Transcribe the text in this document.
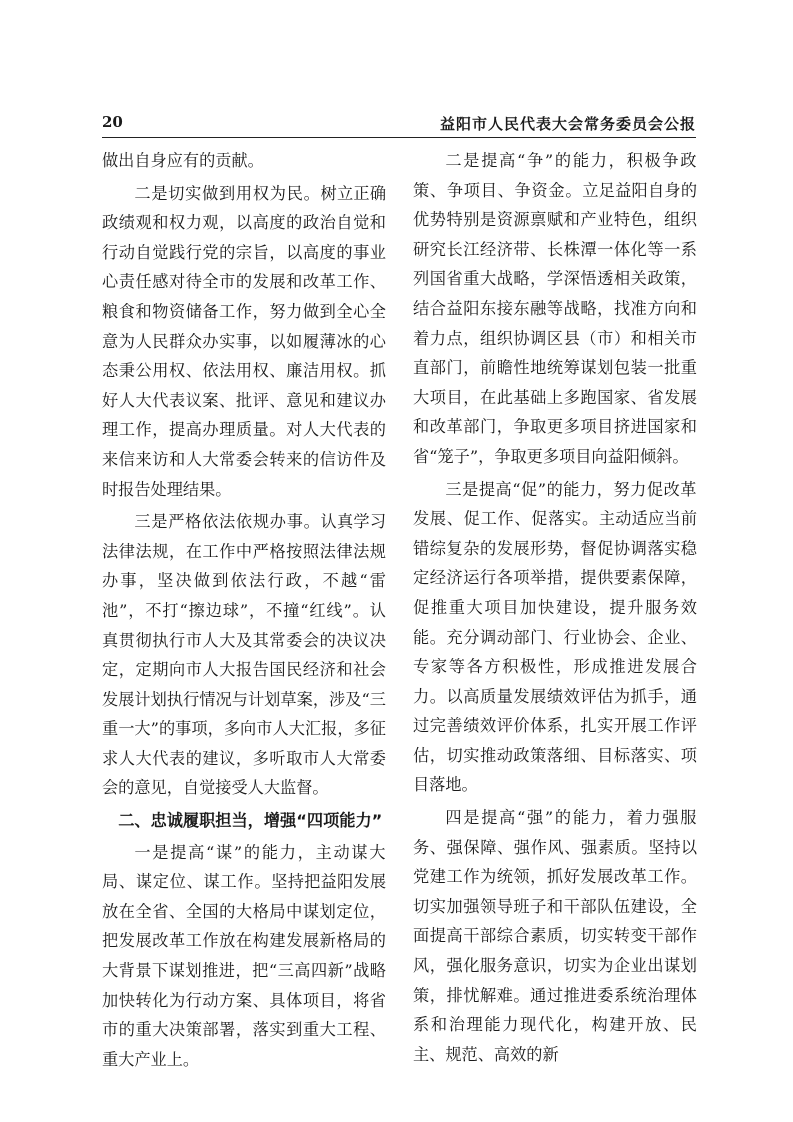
20	益阳市人民代表大会常务委员会公报

做出自身应有的贡献。

二是切实做到用权为民。树立正确政绩观和权力观，以高度的政治自觉和行动自觉践行党的宗旨，以高度的事业心责任感对待全市的发展和改革工作、粮食和物资储备工作，努力做到全心全意为人民群众办实事，以如履薄冰的心态秉公用权、依法用权、廉洁用权。抓好人大代表议案、批评、意见和建议办理工作，提高办理质量。对人大代表的来信来访和人大常委会转来的信访件及时报告处理结果。

三是严格依法依规办事。认真学习法律法规，在工作中严格按照法律法规办事，坚决做到依法行政，不越“雷池”，不打“擦边球”，不撞“红线”。认真贯彻执行市人大及其常委会的决议决定，定期向市人大报告国民经济和社会发展计划执行情况与计划草案，涉及“三重一大”的事项，多向市人大汇报，多征求人大代表的建议，多听取市人大常委会的意见，自觉接受人大监督。

二、忠诚履职担当，增强“四项能力”

一是提高“谋”的能力，主动谋大局、谋定位、谋工作。坚持把益阳发展放在全省、全国的大格局中谋划定位，把发展改革工作放在构建发展新格局的大背景下谋划推进，把“三高四新”战略加快转化为行动方案、具体项目，将省市的重大决策部署，落实到重大工程、重大产业上。

二是提高“争”的能力，积极争政策、争项目、争资金。立足益阳自身的优势特别是资源禀赋和产业特色，组织研究长江经济带、长株潭一体化等一系列国省重大战略，学深悟透相关政策，结合益阳东接东融等战略，找准方向和着力点，组织协调区县（市）和相关市直部门，前瞻性地统筹谋划包装一批重大项目，在此基础上多跑国家、省发展和改革部门，争取更多项目挤进国家和省“笼子”，争取更多项目向益阳倾斜。

三是提高“促”的能力，努力促改革发展、促工作、促落实。主动适应当前错综复杂的发展形势，督促协调落实稳定经济运行各项举措，提供要素保障，促推重大项目加快建设，提升服务效能。充分调动部门、行业协会、企业、专家等各方积极性，形成推进发展合力。以高质量发展绩效评估为抓手，通过完善绩效评价体系，扎实开展工作评估，切实推动政策落细、目标落实、项目落地。

四是提高“强”的能力，着力强服务、强保障、强作风、强素质。坚持以党建工作为统领，抓好发展改革工作。切实加强领导班子和干部队伍建设，全面提高干部综合素质，切实转变干部作风，强化服务意识，切实为企业出谋划策，排忧解难。通过推进委系统治理体系和治理能力现代化，构建开放、民主、规范、高效的新
